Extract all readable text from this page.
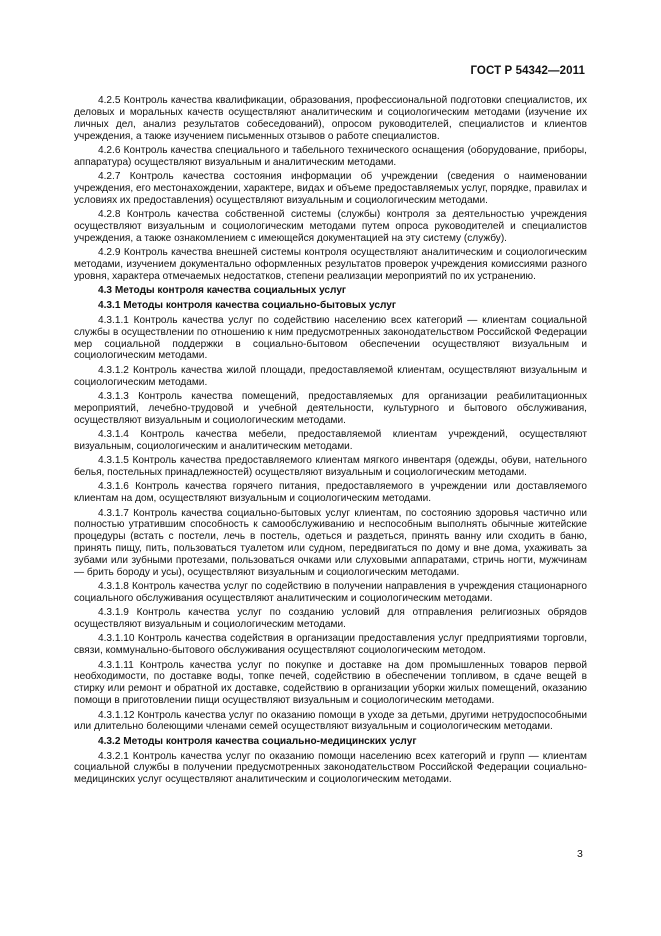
ГОСТ Р 54342—2011

4.2.5 Контроль качества квалификации, образования, профессиональной подготовки специалистов, их деловых и моральных качеств осуществляют аналитическим и социологическим методами (изучение их личных дел, анализ результатов собеседований), опросом руководителей, специалистов и клиентов учреждения, а также изучением письменных отзывов о работе специалистов.

4.2.6 Контроль качества специального и табельного технического оснащения (оборудование, приборы, аппаратура) осуществляют визуальным и аналитическим методами.

4.2.7 Контроль качества состояния информации об учреждении (сведения о наименовании учреждения, его местонахождении, характере, видах и объеме предоставляемых услуг, порядке, правилах и условиях их предоставления) осуществляют визуальным и социологическим методами.

4.2.8 Контроль качества собственной системы (службы) контроля за деятельностью учреждения осуществляют визуальным и социологическим методами путем опроса руководителей и специалистов учреждения, а также ознакомлением с имеющейся документацией на эту систему (службу).

4.2.9 Контроль качества внешней системы контроля осуществляют аналитическим и социологическим методами, изучением документально оформленных результатов проверок учреждения комиссиями разного уровня, характера отмечаемых недостатков, степени реализации мероприятий по их устранению.

4.3 Методы контроля качества социальных услуг

4.3.1 Методы контроля качества социально-бытовых услуг

4.3.1.1 Контроль качества услуг по содействию населению всех категорий — клиентам социальной службы в осуществлении по отношению к ним предусмотренных законодательством Российской Федерации мер социальной поддержки в социально-бытовом обеспечении осуществляют визуальным и социологическим методами.

4.3.1.2 Контроль качества жилой площади, предоставляемой клиентам, осуществляют визуальным и социологическим методами.

4.3.1.3 Контроль качества помещений, предоставляемых для организации реабилитационных мероприятий, лечебно-трудовой и учебной деятельности, культурного и бытового обслуживания, осуществляют визуальным и социологическим методами.

4.3.1.4 Контроль качества мебели, предоставляемой клиентам учреждений, осуществляют визуальным, социологическим и аналитическим методами.

4.3.1.5 Контроль качества предоставляемого клиентам мягкого инвентаря (одежды, обуви, нательного белья, постельных принадлежностей) осуществляют визуальным и социологическим методами.

4.3.1.6 Контроль качества горячего питания, предоставляемого в учреждении или доставляемого клиентам на дом, осуществляют визуальным и социологическим методами.

4.3.1.7 Контроль качества социально-бытовых услуг клиентам, по состоянию здоровья частично или полностью утратившим способность к самообслуживанию и неспособным выполнять обычные житейские процедуры (встать с постели, лечь в постель, одеться и раздеться, принять ванну или сходить в баню, принять пищу, пить, пользоваться туалетом или судном, передвигаться по дому и вне дома, ухаживать за зубами или зубными протезами, пользоваться очками или слуховыми аппаратами, стричь ногти, мужчинам — брить бороду и усы), осуществляют визуальным и социологическим методами.

4.3.1.8 Контроль качества услуг по содействию в получении направления в учреждения стационарного социального обслуживания осуществляют аналитическим и социологическим методами.

4.3.1.9 Контроль качества услуг по созданию условий для отправления религиозных обрядов осуществляют визуальным и социологическим методами.

4.3.1.10 Контроль качества содействия в организации предоставления услуг предприятиями торговли, связи, коммунально-бытового обслуживания осуществляют социологическим методом.

4.3.1.11 Контроль качества услуг по покупке и доставке на дом промышленных товаров первой необходимости, по доставке воды, топке печей, содействию в обеспечении топливом, в сдаче вещей в стирку или ремонт и обратной их доставке, содействию в организации уборки жилых помещений, оказанию помощи в приготовлении пищи осуществляют визуальным и социологическим методами.

4.3.1.12 Контроль качества услуг по оказанию помощи в уходе за детьми, другими нетрудоспособными или длительно болеющими членами семей осуществляют визуальным и социологическим методами.

4.3.2 Методы контроля качества социально-медицинских услуг

4.3.2.1 Контроль качества услуг по оказанию помощи населению всех категорий и групп — клиентам социальной службы в получении предусмотренных законодательством Российской Федерации социально-медицинских услуг осуществляют аналитическим и социологическим методами.

3
